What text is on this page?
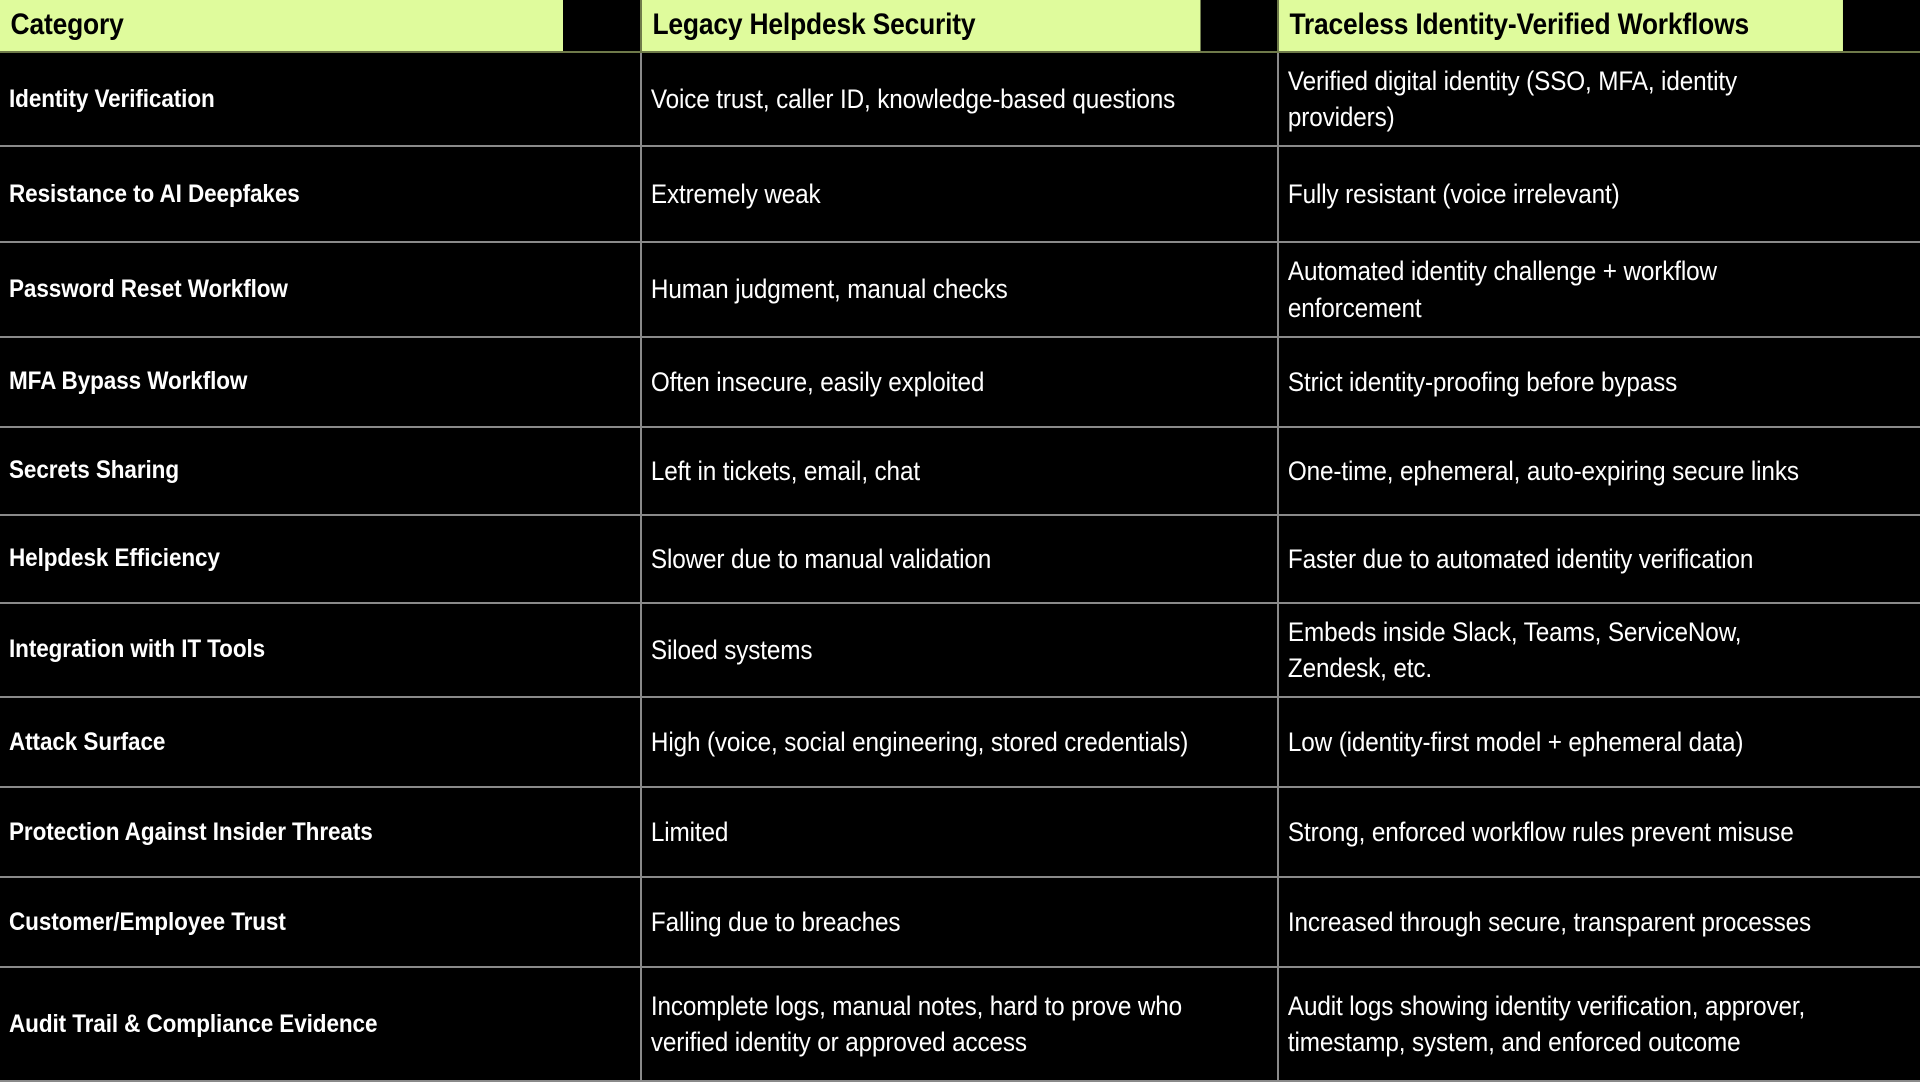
Category	Legacy Helpdesk Security	Traceless Identity-Verified Workflows
Identity Verification	Voice trust, caller ID, knowledge-based questions	Verified digital identity (SSO, MFA, identity providers)
Resistance to AI Deepfakes	Extremely weak	Fully resistant (voice irrelevant)
Password Reset Workflow	Human judgment, manual checks	Automated identity challenge + workflow enforcement
MFA Bypass Workflow	Often insecure, easily exploited	Strict identity-proofing before bypass
Secrets Sharing	Left in tickets, email, chat	One-time, ephemeral, auto-expiring secure links
Helpdesk Efficiency	Slower due to manual validation	Faster due to automated identity verification
Integration with IT Tools	Siloed systems	Embeds inside Slack, Teams, ServiceNow, Zendesk, etc.
Attack Surface	High (voice, social engineering, stored credentials)	Low (identity-first model + ephemeral data)
Protection Against Insider Threats	Limited	Strong, enforced workflow rules prevent misuse
Customer/Employee Trust	Falling due to breaches	Increased through secure, transparent processes
Audit Trail & Compliance Evidence	Incomplete logs, manual notes, hard to prove who verified identity or approved access	Audit logs showing identity verification, approver, timestamp, system, and enforced outcome
